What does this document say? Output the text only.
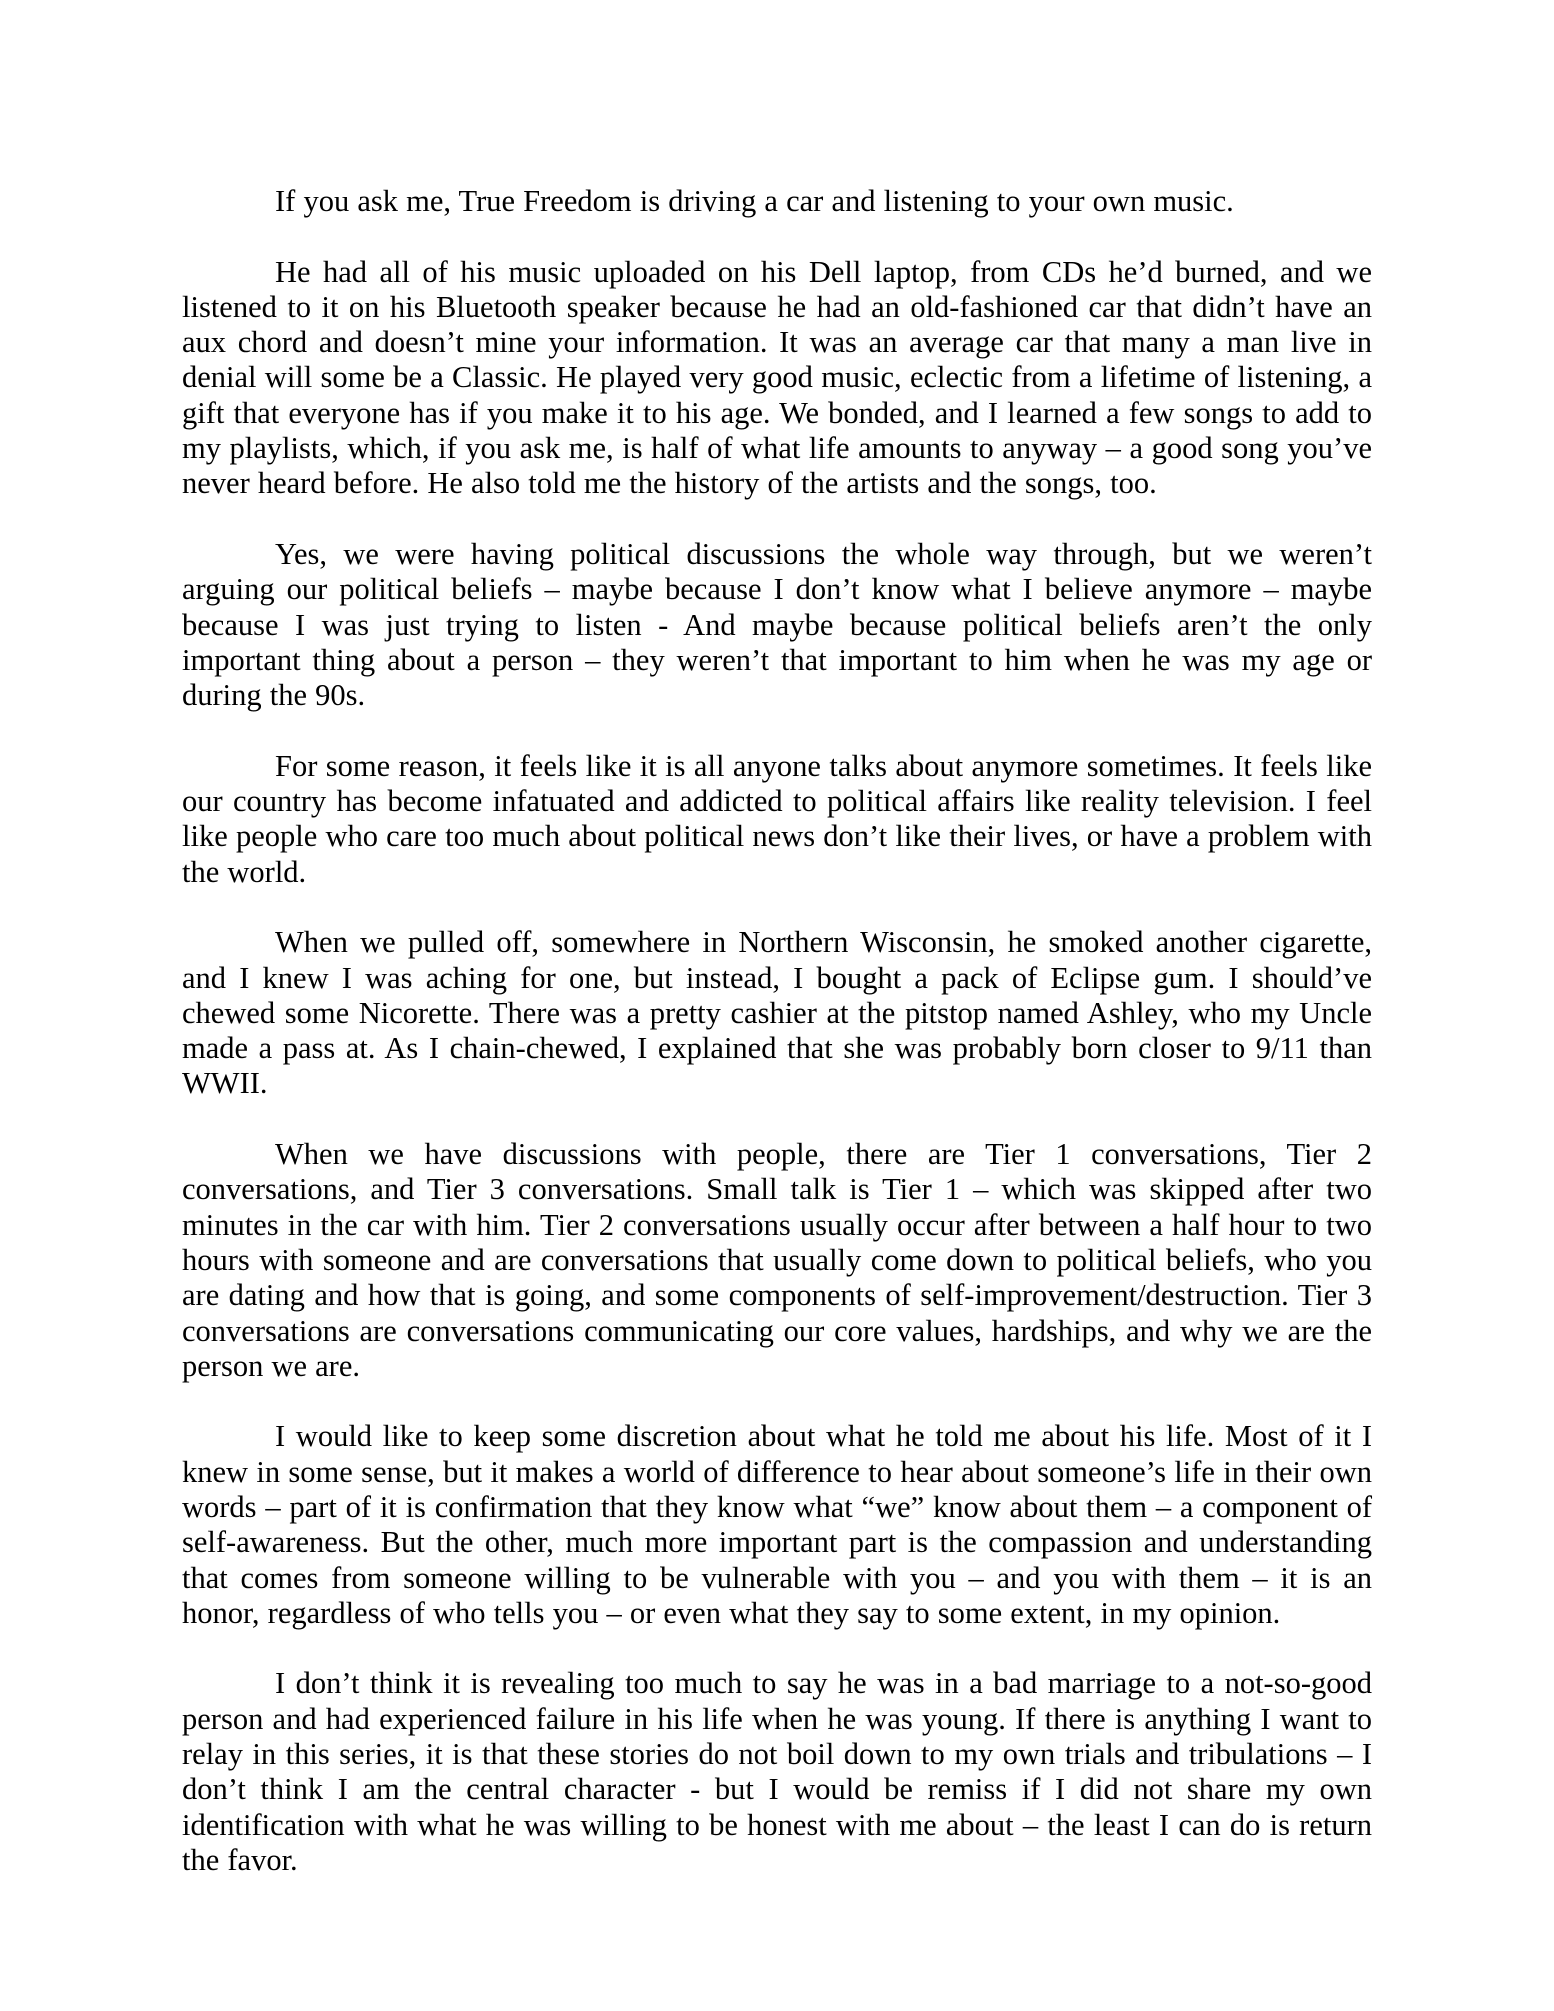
If you ask me, True Freedom is driving a car and listening to your own music.

He had all of his music uploaded on his Dell laptop, from CDs he’d burned, and we listened to it on his Bluetooth speaker because he had an old-fashioned car that didn’t have an aux chord and doesn’t mine your information. It was an average car that many a man live in denial will some be a Classic. He played very good music, eclectic from a lifetime of listening, a gift that everyone has if you make it to his age. We bonded, and I learned a few songs to add to my playlists, which, if you ask me, is half of what life amounts to anyway – a good song you’ve never heard before. He also told me the history of the artists and the songs, too.

Yes, we were having political discussions the whole way through, but we weren’t arguing our political beliefs – maybe because I don’t know what I believe anymore – maybe because I was just trying to listen - And maybe because political beliefs aren’t the only important thing about a person – they weren’t that important to him when he was my age or during the 90s.

For some reason, it feels like it is all anyone talks about anymore sometimes. It feels like our country has become infatuated and addicted to political affairs like reality television. I feel like people who care too much about political news don’t like their lives, or have a problem with the world.

When we pulled off, somewhere in Northern Wisconsin, he smoked another cigarette, and I knew I was aching for one, but instead, I bought a pack of Eclipse gum. I should’ve chewed some Nicorette. There was a pretty cashier at the pitstop named Ashley, who my Uncle made a pass at. As I chain-chewed, I explained that she was probably born closer to 9/11 than WWII.

When we have discussions with people, there are Tier 1 conversations, Tier 2 conversations, and Tier 3 conversations. Small talk is Tier 1 – which was skipped after two minutes in the car with him. Tier 2 conversations usually occur after between a half hour to two hours with someone and are conversations that usually come down to political beliefs, who you are dating and how that is going, and some components of self-improvement/destruction. Tier 3 conversations are conversations communicating our core values, hardships, and why we are the person we are.

I would like to keep some discretion about what he told me about his life. Most of it I knew in some sense, but it makes a world of difference to hear about someone’s life in their own words – part of it is confirmation that they know what “we” know about them – a component of self-awareness. But the other, much more important part is the compassion and understanding that comes from someone willing to be vulnerable with you – and you with them – it is an honor, regardless of who tells you – or even what they say to some extent, in my opinion.

I don’t think it is revealing too much to say he was in a bad marriage to a not-so-good person and had experienced failure in his life when he was young. If there is anything I want to relay in this series, it is that these stories do not boil down to my own trials and tribulations – I don’t think I am the central character - but I would be remiss if I did not share my own identification with what he was willing to be honest with me about – the least I can do is return the favor.
